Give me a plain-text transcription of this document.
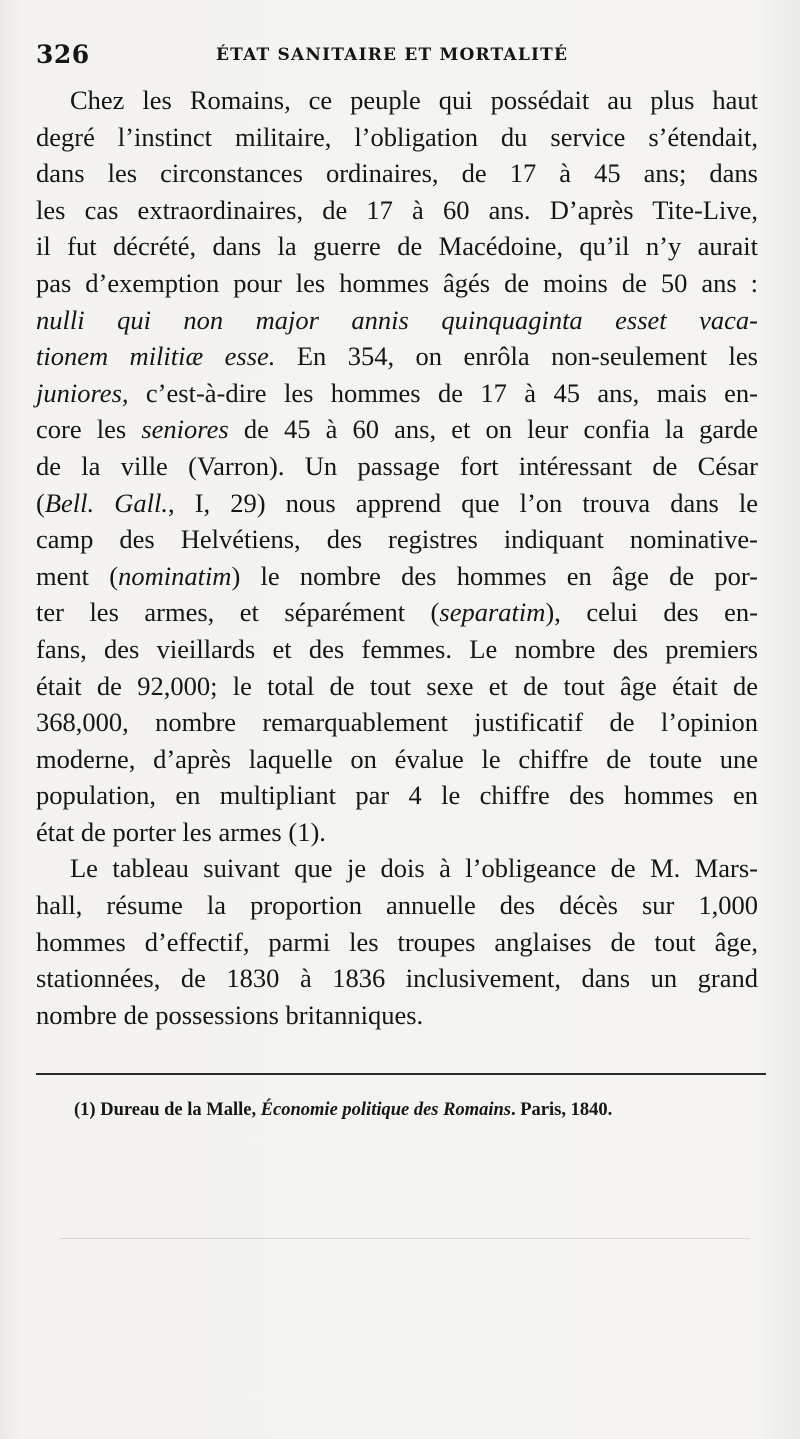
326	ÉTAT SANITAIRE ET MORTALITÉ
Chez les Romains, ce peuple qui possédait au plus haut
degré l’instinct militaire, l’obligation du service s’étendait,
dans les circonstances ordinaires, de 17 à 45 ans; dans
les cas extraordinaires, de 17 à 60 ans. D’après Tite-Live,
il fut décrété, dans la guerre de Macédoine, qu’il n’y aurait
pas d’exemption pour les hommes âgés de moins de 50 ans :
nulli qui non major annis quinquaginta esset vaca-
tionem militiæ esse. En 354, on enrôla non-seulement les
juniores, c’est-à-dire les hommes de 17 à 45 ans, mais en-
core les seniores de 45 à 60 ans, et on leur confia la garde
de la ville (Varron). Un passage fort intéressant de César
(Bell. Gall., I, 29) nous apprend que l’on trouva dans le
camp des Helvétiens, des registres indiquant nominative-
ment (nominatim) le nombre des hommes en âge de por-
ter les armes, et séparément (separatim), celui des en-
fans, des vieillards et des femmes. Le nombre des premiers
était de 92,000; le total de tout sexe et de tout âge était de
368,000, nombre remarquablement justificatif de l’opinion
moderne, d’après laquelle on évalue le chiffre de toute une
population, en multipliant par 4 le chiffre des hommes en
état de porter les armes (1).
Le tableau suivant que je dois à l’obligeance de M. Mars-
hall, résume la proportion annuelle des décès sur 1,000
hommes d’effectif, parmi les troupes anglaises de tout âge,
stationnées, de 1830 à 1836 inclusivement, dans un grand
nombre de possessions britanniques.
(1) Dureau de la Malle, Économie politique des Romains. Paris, 1840.
